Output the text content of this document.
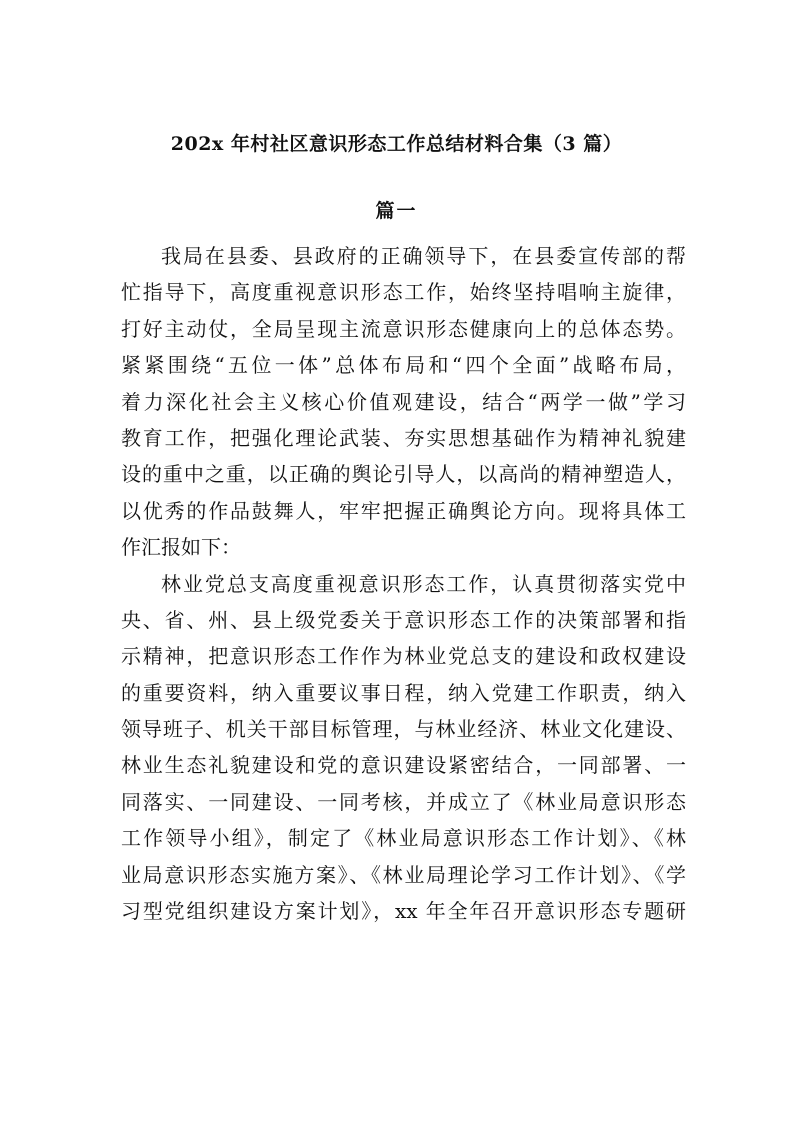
202x 年村社区意识形态工作总结材料合集（3 篇）
篇一
我局在县委、县政府的正确领导下，在县委宣传部的帮
忙指导下，高度重视意识形态工作，始终坚持唱响主旋律，
打好主动仗，全局呈现主流意识形态健康向上的总体态势。
紧紧围绕“五位一体”总体布局和“四个全面”战略布局，
着力深化社会主义核心价值观建设，结合“两学一做”学习
教育工作，把强化理论武装、夯实思想基础作为精神礼貌建
设的重中之重，以正确的舆论引导人，以高尚的精神塑造人，
以优秀的作品鼓舞人，牢牢把握正确舆论方向。现将具体工
作汇报如下：
林业党总支高度重视意识形态工作，认真贯彻落实党中
央、省、州、县上级党委关于意识形态工作的决策部署和指
示精神，把意识形态工作作为林业党总支的建设和政权建设
的重要资料，纳入重要议事日程，纳入党建工作职责，纳入
领导班子、机关干部目标管理，与林业经济、林业文化建设、
林业生态礼貌建设和党的意识建设紧密结合，一同部署、一
同落实、一同建设、一同考核，并成立了《林业局意识形态
工作领导小组》，制定了《林业局意识形态工作计划》、《林
业局意识形态实施方案》、《林业局理论学习工作计划》、《学
习型党组织建设方案计划》，xx 年全年召开意识形态专题研
